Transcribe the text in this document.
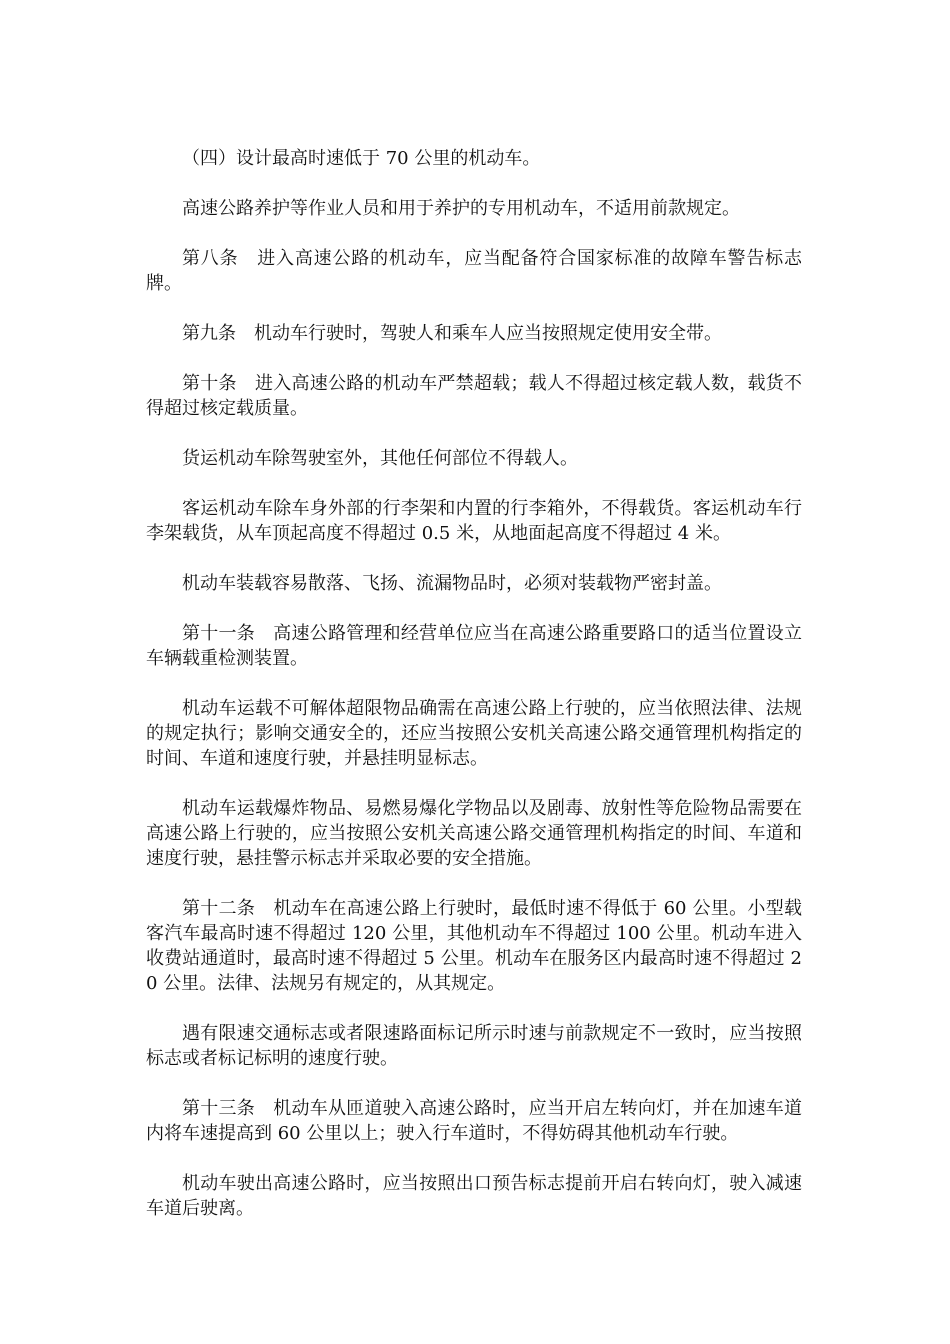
（四）设计最高时速低于 70 公里的机动车。

高速公路养护等作业人员和用于养护的专用机动车，不适用前款规定。

第八条　进入高速公路的机动车，应当配备符合国家标准的故障车警告标志牌。

第九条　机动车行驶时，驾驶人和乘车人应当按照规定使用安全带。

第十条　进入高速公路的机动车严禁超载；载人不得超过核定载人数，载货不得超过核定载质量。

货运机动车除驾驶室外，其他任何部位不得载人。

客运机动车除车身外部的行李架和内置的行李箱外，不得载货。客运机动车行李架载货，从车顶起高度不得超过 0.5 米，从地面起高度不得超过 4 米。

机动车装载容易散落、飞扬、流漏物品时，必须对装载物严密封盖。

第十一条　高速公路管理和经营单位应当在高速公路重要路口的适当位置设立车辆载重检测装置。

机动车运载不可解体超限物品确需在高速公路上行驶的，应当依照法律、法规的规定执行；影响交通安全的，还应当按照公安机关高速公路交通管理机构指定的时间、车道和速度行驶，并悬挂明显标志。

机动车运载爆炸物品、易燃易爆化学物品以及剧毒、放射性等危险物品需要在高速公路上行驶的，应当按照公安机关高速公路交通管理机构指定的时间、车道和速度行驶，悬挂警示标志并采取必要的安全措施。

第十二条　机动车在高速公路上行驶时，最低时速不得低于 60 公里。小型载客汽车最高时速不得超过 120 公里，其他机动车不得超过 100 公里。机动车进入收费站通道时，最高时速不得超过 5 公里。机动车在服务区内最高时速不得超过 20 公里。法律、法规另有规定的，从其规定。

遇有限速交通标志或者限速路面标记所示时速与前款规定不一致时，应当按照标志或者标记标明的速度行驶。

第十三条　机动车从匝道驶入高速公路时，应当开启左转向灯，并在加速车道内将车速提高到 60 公里以上；驶入行车道时，不得妨碍其他机动车行驶。

机动车驶出高速公路时，应当按照出口预告标志提前开启右转向灯，驶入减速车道后驶离。
